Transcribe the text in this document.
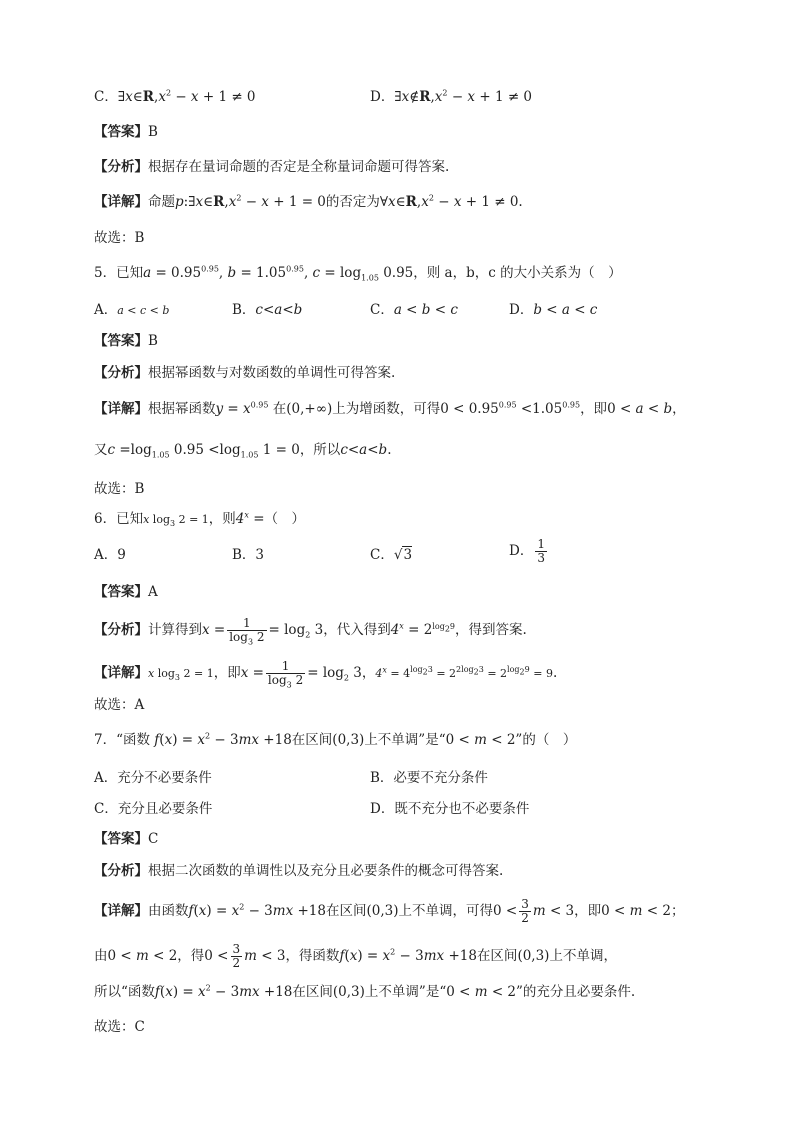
C．$\exists x\in R,x^2 - x + 1 \ne 0$	D．$\exists x\notin R,x^2 - x + 1 \ne 0$
【答案】B
【分析】根据存在量词命题的否定是全称量词命题可得答案.
【详解】命题$p:\exists x\in R,x^2 - x + 1 = 0$的否定为$\forall x\in R,x^2 - x + 1 \ne 0$.
故选：B
5．已知$a = 0.95^{0.95}$, $b = 1.05^{0.95}$, $c = \log_{1.05} 0.95$，则 a，b，c 的大小关系为（　）
A．a < c < b	B．c<a<b	C．a < b < c	D．b < a < c
【答案】B
【分析】根据幂函数与对数函数的单调性可得答案.
【详解】根据幂函数$y = x^{0.95}$ 在(0,+∞)上为增函数，可得$0 < 0.95^{0.95} <1.05^{0.95}$，即0 < a < b，
又$c =\log_{1.05}$ $0.95 <\log_{1.05}$ 1 = 0，所以c<a<b.
故选：B
6．已知x $\log_3 2 = 1$，则$4^x$ =（　）
A．9	B．3	C．√3	D． $\frac{1}{3}$
【答案】A
【分析】计算得到$x = \frac{1}{\log_3 2} = \log_2 3$，代入得到$4^x = 2^{log_29}$，得到答案.
【详解】x $\log_3 2 = 1$，即$x = \frac{1}{\log_3 2} = \log_2 3$，$4^x = 4^{log_23} = 2^{2log_23} = 2^{log_29} = 9$.
故选：A
7．“函数 $f(x) = x^2 - 3mx +18$在区间(0,3)上不单调”是“0 < m < 2”的（　）
A．充分不必要条件	B．必要不充分条件
C．充分且必要条件	D．既不充分也不必要条件
【答案】C
【分析】根据二次函数的单调性以及充分且必要条件的概念可得答案.
【详解】由函数$f(x) = x^2 - 3mx +18$在区间(0,3)上不单调，可得$0 < \frac{3}{2}$ m < 3，即0 < m < 2；
由0 < m < 2，得$0 < \frac{3}{2}$ m < 3，得函数$f(x) = x^2 - 3mx +18$在区间(0,3)上不单调，
所以“函数$f(x) = x^2 - 3mx +18$在区间(0,3)上不单调”是“0 < m < 2”的充分且必要条件.
故选：C
